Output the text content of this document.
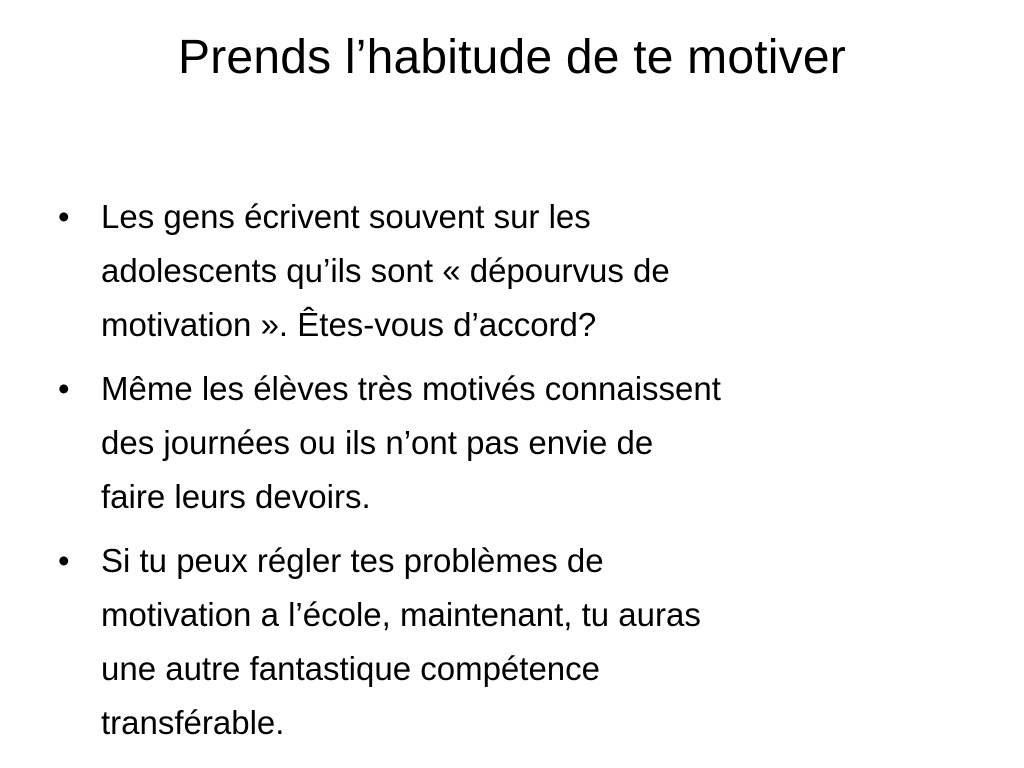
Prends l’habitude de te motiver
• Les gens écrivent souvent sur les
adolescents qu’ils sont « dépourvus de
motivation ». Êtes-vous d’accord?
• Même les élèves très motivés connaissent
des journées ou ils n’ont pas envie de
faire leurs devoirs.
• Si tu peux régler tes problèmes de
motivation a l’école, maintenant, tu auras
une autre fantastique compétence
transférable.
